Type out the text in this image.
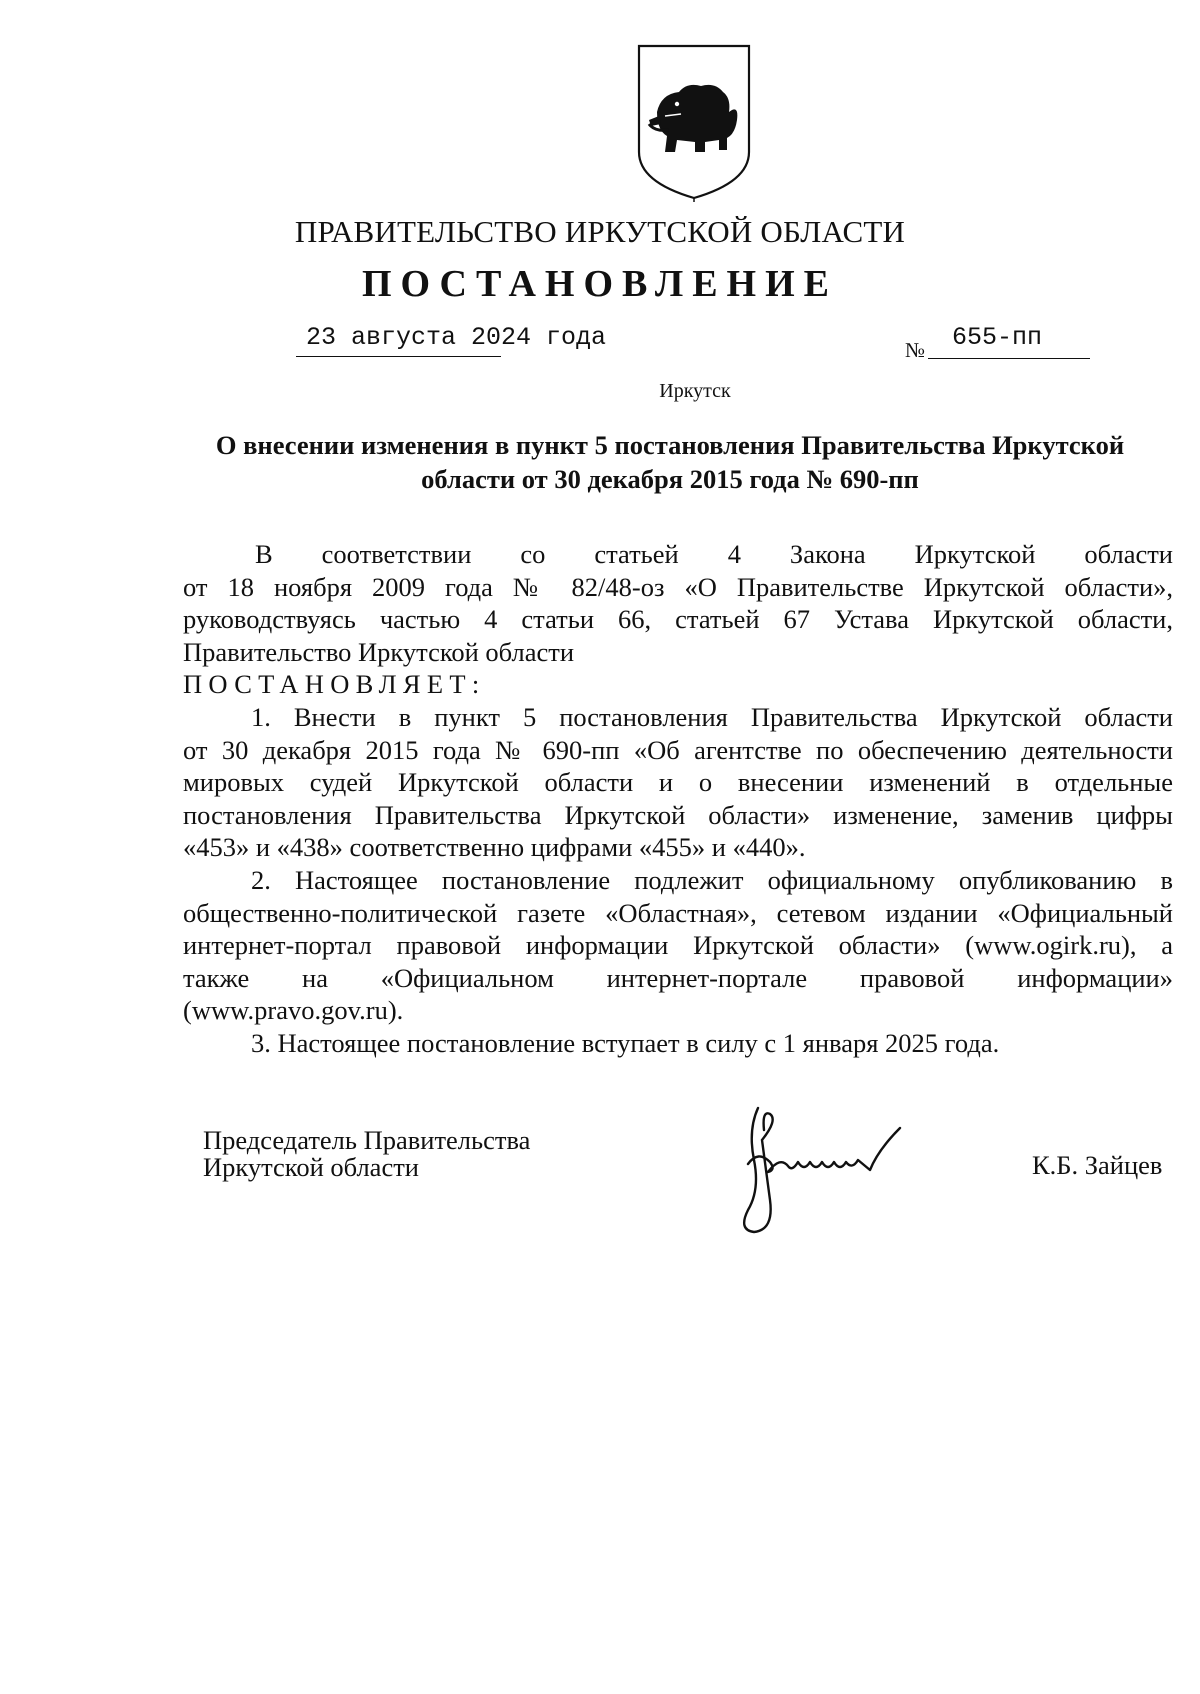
ПРАВИТЕЛЬСТВО ИРКУТСКОЙ ОБЛАСТИ
ПОСТАНОВЛЕНИЕ
23 августа 2024 года	№ 655-пп
Иркутск
О внесении изменения в пункт 5 постановления Правительства Иркутской
области от 30 декабря 2015 года № 690-пп
В соответствии со статьей 4 Закона Иркутской области
от 18 ноября 2009 года № 82/48-оз «О Правительстве Иркутской области»,
руководствуясь частью 4 статьи 66, статьей 67 Устава Иркутской области,
Правительство Иркутской области
ПОСТАНОВЛЯЕТ:
1. Внести в пункт 5 постановления Правительства Иркутской области
от 30 декабря 2015 года № 690-пп «Об агентстве по обеспечению деятельности
мировых судей Иркутской области и о внесении изменений в отдельные
постановления Правительства Иркутской области» изменение, заменив цифры
«453» и «438» соответственно цифрами «455» и «440».
2. Настоящее постановление подлежит официальному опубликованию в
общественно-политической газете «Областная», сетевом издании «Официальный
интернет-портал правовой информации Иркутской области» (www.ogirk.ru), а
также на «Официальном интернет-портале правовой информации»
(www.pravo.gov.ru).
3. Настоящее постановление вступает в силу с 1 января 2025 года.
Председатель Правительства
Иркутской области	К.Б. Зайцев
